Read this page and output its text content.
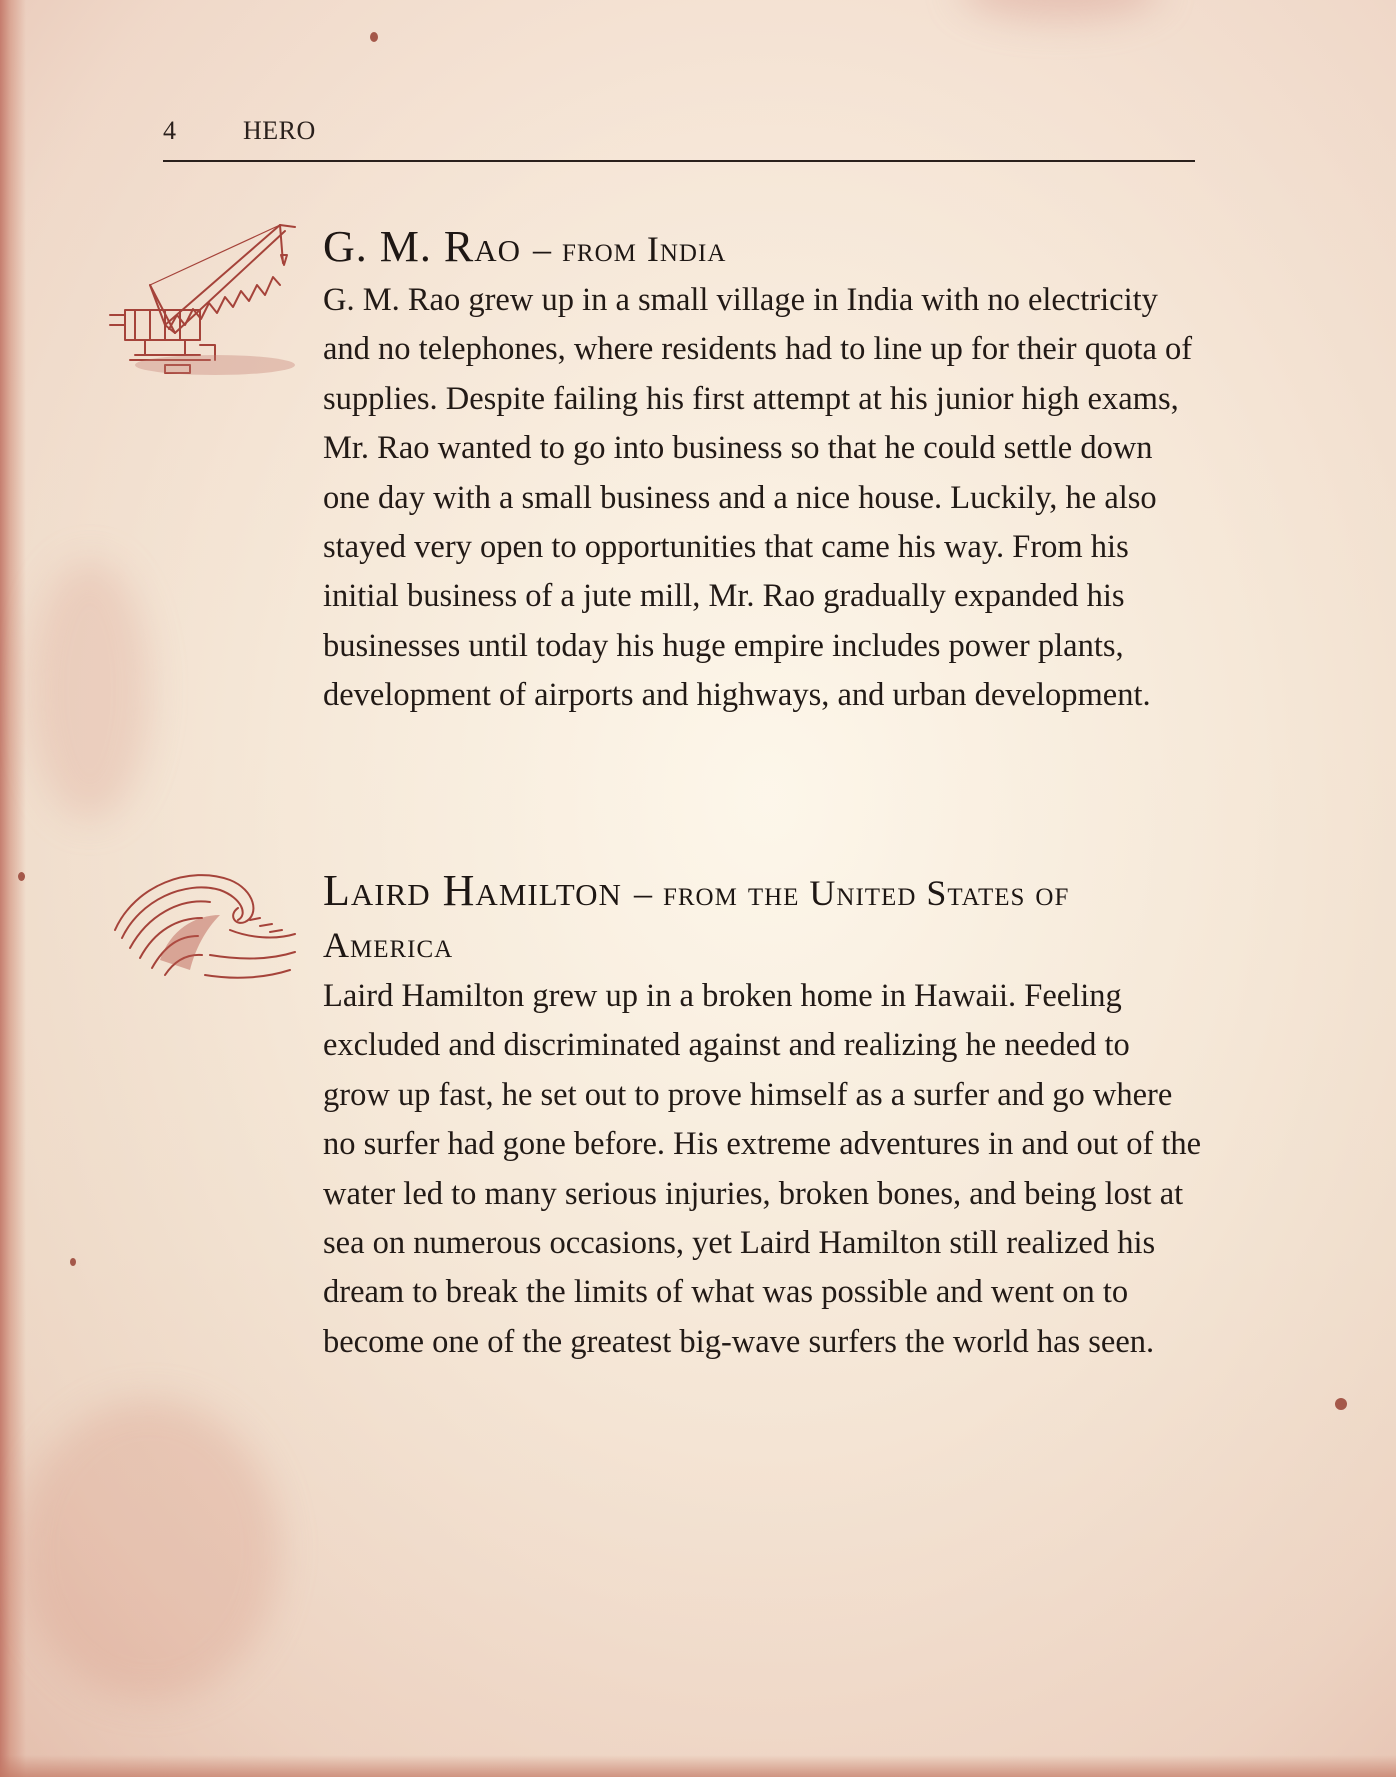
4	HERO
G. M. Rao – from India

G. M. Rao grew up in a small village in India with no electricity and no telephones, where residents had to line up for their quota of supplies. Despite failing his first attempt at his junior high exams, Mr. Rao wanted to go into business so that he could settle down one day with a small business and a nice house. Luckily, he also stayed very open to opportunities that came his way. From his initial business of a jute mill, Mr. Rao gradually expanded his businesses until today his huge empire includes power plants, development of airports and highways, and urban development.

Laird Hamilton – from the United States of America

Laird Hamilton grew up in a broken home in Hawaii. Feeling excluded and discriminated against and realizing he needed to grow up fast, he set out to prove himself as a surfer and go where no surfer had gone before. His extreme adventures in and out of the water led to many serious injuries, broken bones, and being lost at sea on numerous occasions, yet Laird Hamilton still realized his dream to break the limits of what was possible and went on to become one of the greatest big-wave surfers the world has seen.
